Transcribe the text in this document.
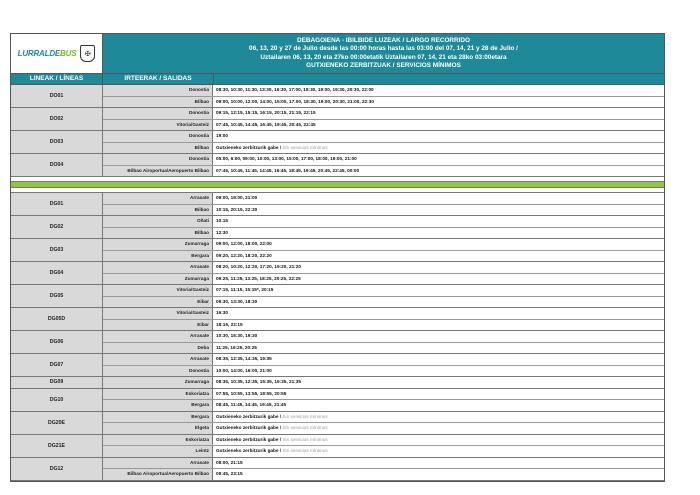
LURRALDEBUS	✠
DEBAGOIENA - IBILBIDE LUZEAK / LARGO RECORRIDO
06, 13, 20 y 27 de Julio desde las 00:00 horas hasta las 03:00 del 07, 14, 21 y 28 de Julio /
Uztailaren 06, 13, 20 eta 27ko 00:00etatik Uztailaren 07, 14, 21 eta 28ko 03:00etara
GUTXIENEKO ZERBITZUAK / SERVICIOS MÍNIMOS
LINEAK / LÍNEAS	IRTEERAK / SALIDAS
DO01
Donostia	08:30, 10:30, 11:30, 13:30, 16:30, 17:00, 18:30, 19:00, 19:30, 20:30, 22:00
Bilbao	09:00, 10:00, 12:00, 14:00, 15:00, 17:00, 18:30, 19:00, 20:30, 21:00, 22:30
DO02
Donostia	09:15, 12:15, 15:15, 16:15, 20:15, 21:15, 22:15
Vitoria/Gasteiz	07:45, 10:45, 14:45, 16:45, 19:45, 20:45, 22:45
DO03
Donostia	19:00
Bilbao	Gutxieneko zerbitzurik gabe / Sin servicios mínimos
DO04
Donostia	05:00, 6:00, 09:00, 10:00, 13:00, 15:00, 17:00, 18:00, 19:00, 21:00
Bilbao Airoportua/Aeropuerto Bilbao	07:45, 10:45, 11:45, 14:45, 16:45, 18:45, 19:45, 20:45, 22:45, 00:00
DG01
Arrasate	09:00, 19:00, 21:00
Bilbao	10:15, 20:15, 22:30
DG02
Oñati	10:15
Bilbao	12:30
DG03
Zumarraga	09:00, 12:00, 18:00, 22:00
Bergara	09:20, 12:20, 18:20, 22:20
DG04
Arrasate	08:20, 10:20, 12:20, 17:20, 19:20, 21:20
Zumarraga	09:25, 11:25, 13:25, 18:25, 20:25, 22:25
DG05
Vitoria/Gasteiz	07:15, 11:15, 15:15*, 20:15
Eibar	09:30, 13:30, 18:30
DG05D
Vitoria/Gasteiz	16:30
Eibar	18:15, 22:15
DG06
Arrasate	10:30, 15:30, 19:30
Deba	11:25, 16:25, 20:25
DG07
Arrasate	08:35, 12:35, 14:35, 19:35
Donostia	10:00, 14:00, 16:00, 21:00
DG09	Zumarraga	08:35, 10:35, 12:35, 15:35, 19:35, 21:35
DG10
Eskoriatza	07:55, 10:55, 13:55, 18:55, 20:55
Bergara	08:45, 11:45, 14:45, 19:45, 21:45
DG20E
Bergara	Gutxieneko zerbitzurik gabe / Sin servicios mínimos
Elgeta	Gutxieneko zerbitzurik gabe / Sin servicios mínimos
DG21E
Eskoriatza	Gutxieneko zerbitzurik gabe / Sin servicios mínimos
Leintz	Gutxieneko zerbitzurik gabe / Sin servicios mínimos
DG12
Arrasate	08:00, 21:15
Bilbao Airoportua/Aeropuerto Bilbao	09:45, 23:15
